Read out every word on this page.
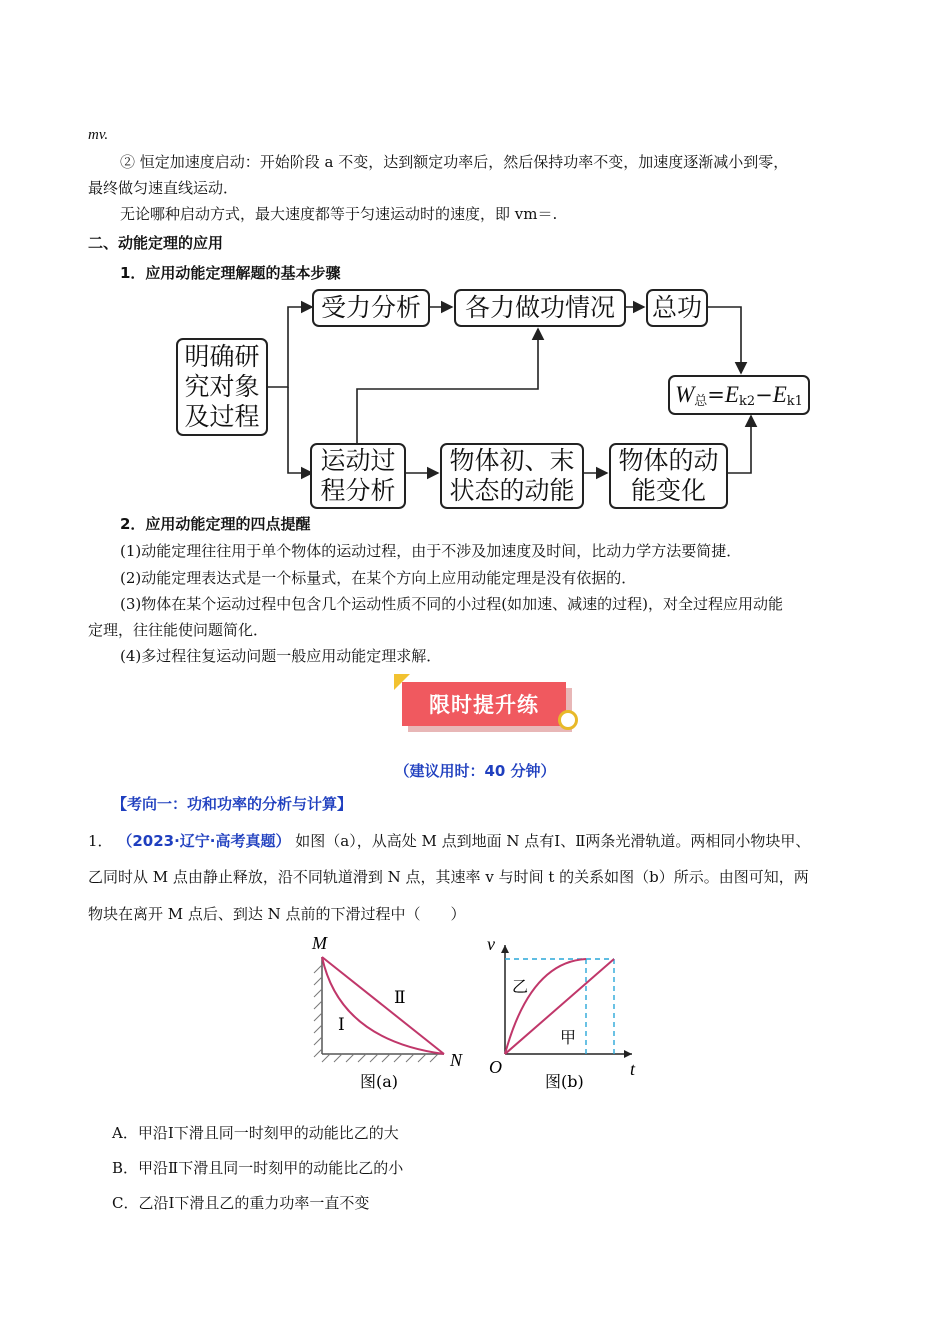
mv.
② 恒定加速度启动：开始阶段 a 不变，达到额定功率后，然后保持功率不变，加速度逐渐减小到零，
最终做匀速直线运动．
无论哪种启动方式，最大速度都等于匀速运动时的速度，即 vm＝.
二、动能定理的应用
1．应用动能定理解题的基本步骤
明确研究对象及过程
受力分析	各力做功情况	总功
W 总 = E k2 − E k1
运动过程分析
物体初、末状态的动能
物体的动能变化
2．应用动能定理的四点提醒
(1)动能定理往往用于单个物体的运动过程，由于不涉及加速度及时间，比动力学方法要简捷．
(2)动能定理表达式是一个标量式，在某个方向上应用动能定理是没有依据的．
(3)物体在某个运动过程中包含几个运动性质不同的小过程(如加速、减速的过程)，对全过程应用动能
定理，往往能使问题简化．
(4)多过程往复运动问题一般应用动能定理求解．
限时提升练
（建议用时：40 分钟）
【考向一：功和功率的分析与计算】
1． （2023·辽宁·高考真题） 如图（a），从高处 M 点到地面 N 点有Ⅰ、Ⅱ两条光滑轨道。两相同小物块甲、
乙同时从 M 点由静止释放，沿不同轨道滑到 N 点，其速率 v 与时间 t 的关系如图（b）所示。由图可知，两
物块在离开 M 点后、到达 N 点前的下滑过程中（　　）
M
N
Ⅰ
Ⅱ
图(a)
v
t
O
乙
甲
图(b)
A．甲沿Ⅰ下滑且同一时刻甲的动能比乙的大
B．甲沿Ⅱ下滑且同一时刻甲的动能比乙的小
C．乙沿Ⅰ下滑且乙的重力功率一直不变
